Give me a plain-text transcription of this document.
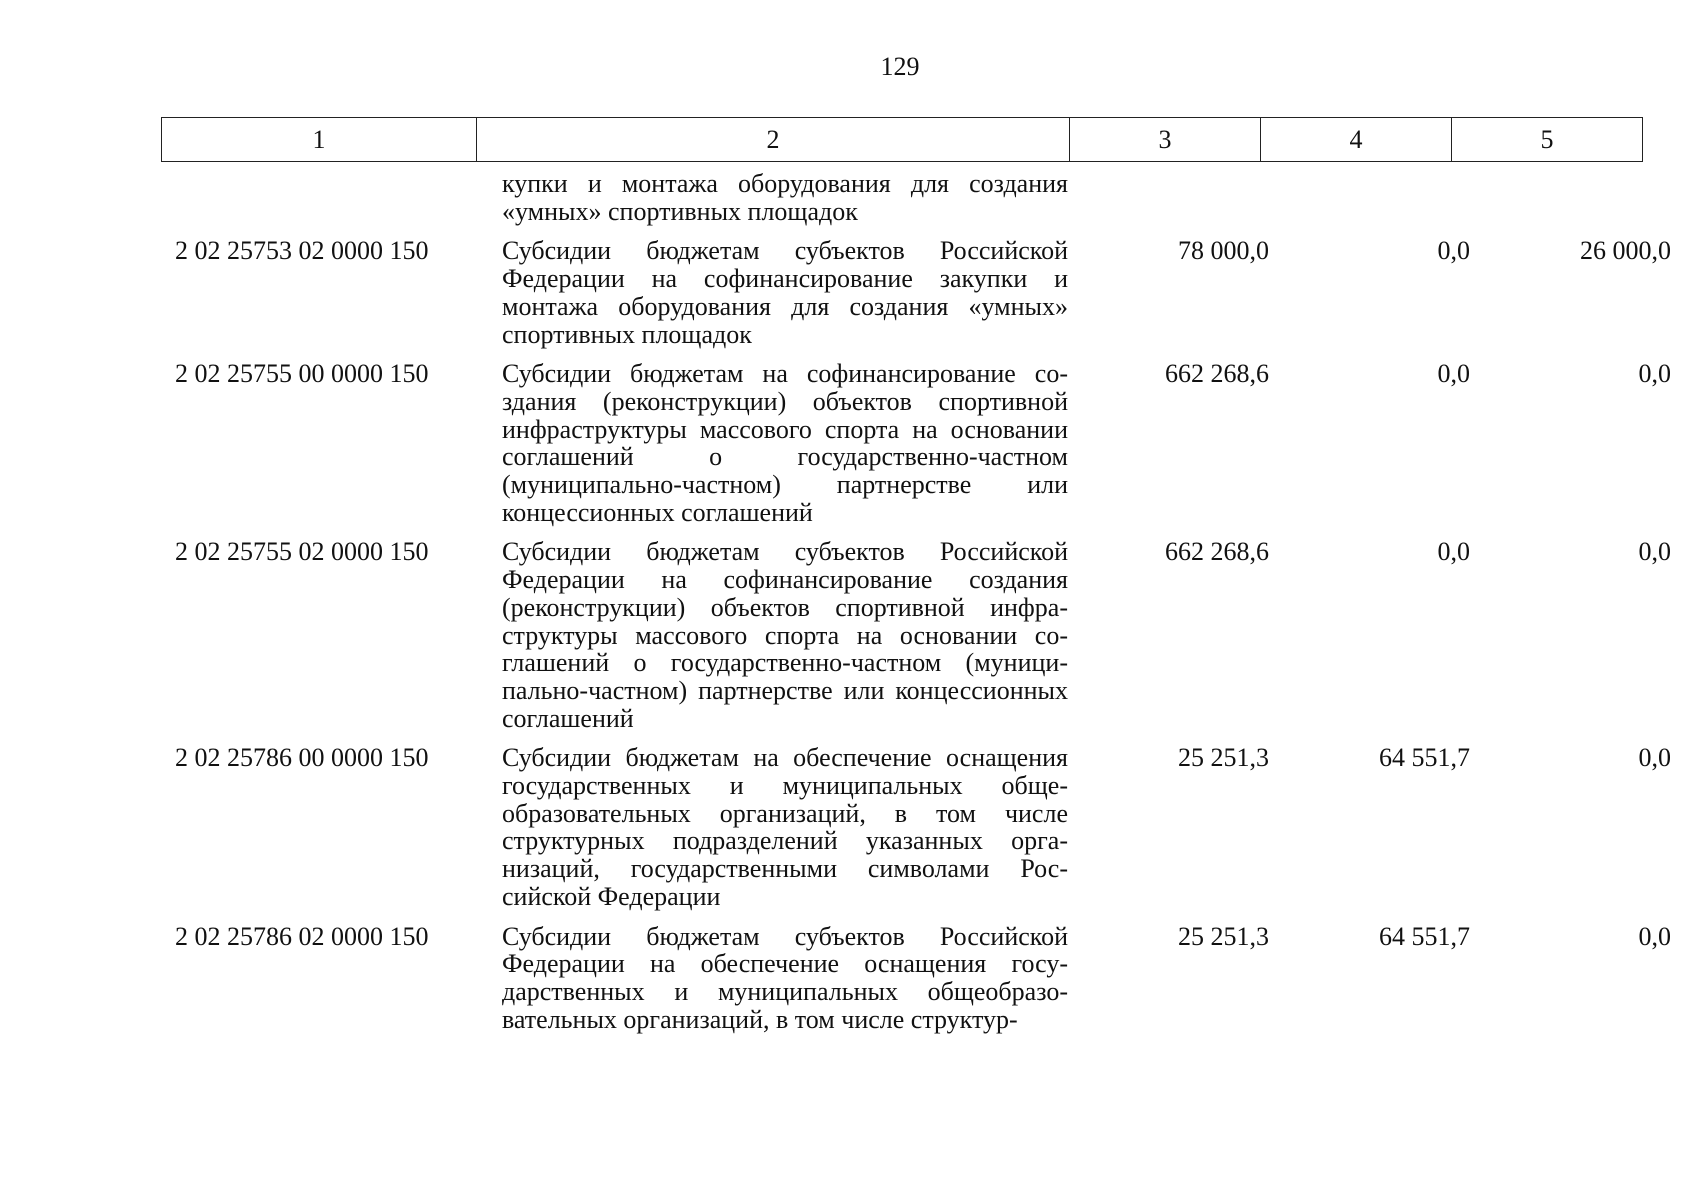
129
1	2	3	4	5
	купки и монтажа оборудования для создания «умных» спортивных площадок			
2 02 25753 02 0000 150	Субсидии бюджетам субъектов Российской Федерации на софинансирование закупки и монтажа оборудования для создания «умных» спортивных площадок	78 000,0	0,0	26 000,0
2 02 25755 00 0000 150	Субсидии бюджетам на софинансирование создания (реконструкции) объектов спортивной инфраструктуры массового спорта на основании соглашений о государственно-частном (муниципально-частном) партнерстве или концессионных соглашений	662 268,6	0,0	0,0
2 02 25755 02 0000 150	Субсидии бюджетам субъектов Российской Федерации на софинансирование создания (реконструкции) объектов спортивной инфраструктуры массового спорта на основании соглашений о государственно-частном (муниципально-частном) партнерстве или концессионных соглашений	662 268,6	0,0	0,0
2 02 25786 00 0000 150	Субсидии бюджетам на обеспечение оснащения государственных и муниципальных общеобразовательных организаций, в том числе структурных подразделений указанных организаций, государственными символами Российской Федерации	25 251,3	64 551,7	0,0
2 02 25786 02 0000 150	Субсидии бюджетам субъектов Российской Федерации на обеспечение оснащения государственных и муниципальных общеобразовательных организаций, в том числе структур-	25 251,3	64 551,7	0,0
